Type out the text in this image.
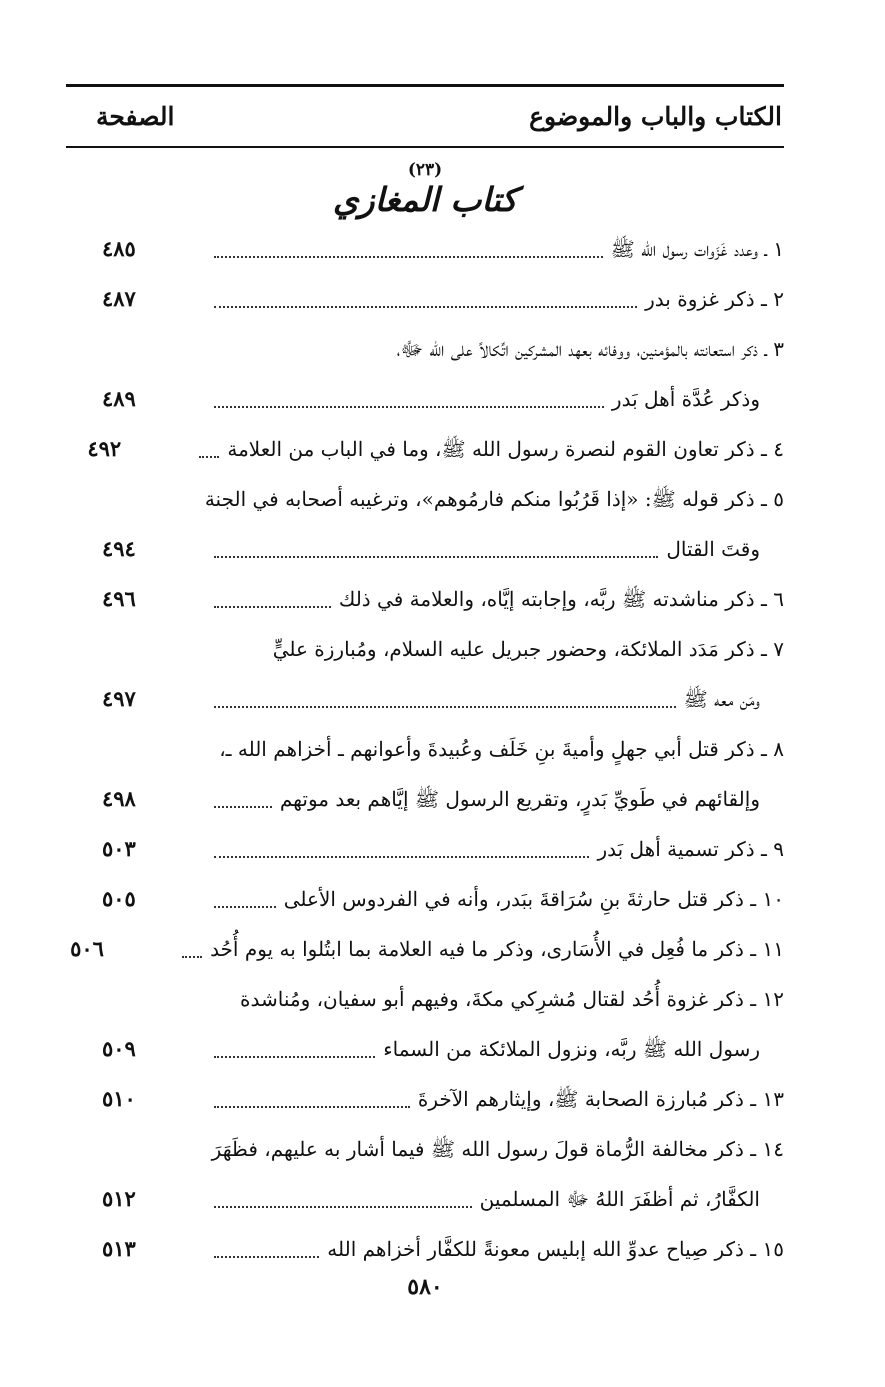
الكتاب والباب والموضوع
الصفحة
(٢٣)
كتاب المغازي
١ ـ وعدد غَزَوات رسول الله ﷺ
٤٨٥
٢ ـ ذكر غزوة بدر
٤٨٧
٣ ـ ذكر استعانته بالمؤمنين، ووفائه بعهد المشركين اتِّكالاً على الله ﷻ،
وذكر عُدَّة أهل بَدر
٤٨٩
٤ ـ ذكر تعاون القوم لنصرة رسول الله ﷺ، وما في الباب من العلامة
٤٩٢
٥ ـ ذكر قوله ﷺ: «إذا قَرُبُوا منكم فارمُوهم»، وترغيبه أصحابه في الجنة
وقتَ القتال
٤٩٤
٦ ـ ذكر مناشدته ﷺ ربَّه، وإجابته إيَّاه، والعلامة في ذلك
٤٩٦
٧ ـ ذكر مَدَد الملائكة، وحضور جبريل عليه السلام، ومُبارزة عليٍّ
ومَن معه ﷺ
٤٩٧
٨ ـ ذكر قتل أبي جهلٍ وأميةَ بنِ خَلَف وعُبيدةَ وأعوانهم ـ أخزاهم الله ـ،
وإلقائهم في طَويِّ بَدرٍ، وتقريع الرسول ﷺ إيَّاهم بعد موتهم
٤٩٨
٩ ـ ذكر تسمية أهل بَدر
٥٠٣
١٠ ـ ذكر قتل حارثةَ بنِ سُرَاقةَ ببَدر، وأنه في الفردوس الأعلى
٥٠٥
١١ ـ ذكر ما فُعِل في الأُسَارى، وذكر ما فيه العلامة بما ابتُلوا به يوم أُحُد
٥٠٦
١٢ ـ ذكر غزوة أُحُد لقتال مُشرِكي مكةَ، وفيهم أبو سفيان، ومُناشدة
رسول الله ﷺ ربَّه، ونزول الملائكة من السماء
٥٠٩
١٣ ـ ذكر مُبارزة الصحابة ﷺ، وإيثارهم الآخرةَ
٥١٠
١٤ ـ ذكر مخالفة الرُّماة قولَ رسول الله ﷺ فيما أشار به عليهم، فظَهَرَ
الكفَّارُ، ثم أظفَرَ اللهُ ﷻ المسلمين
٥١٢
١٥ ـ ذكر صِياح عدوِّ الله إبليس معونةً للكفَّار أخزاهم الله
٥١٣
٥٨٠
